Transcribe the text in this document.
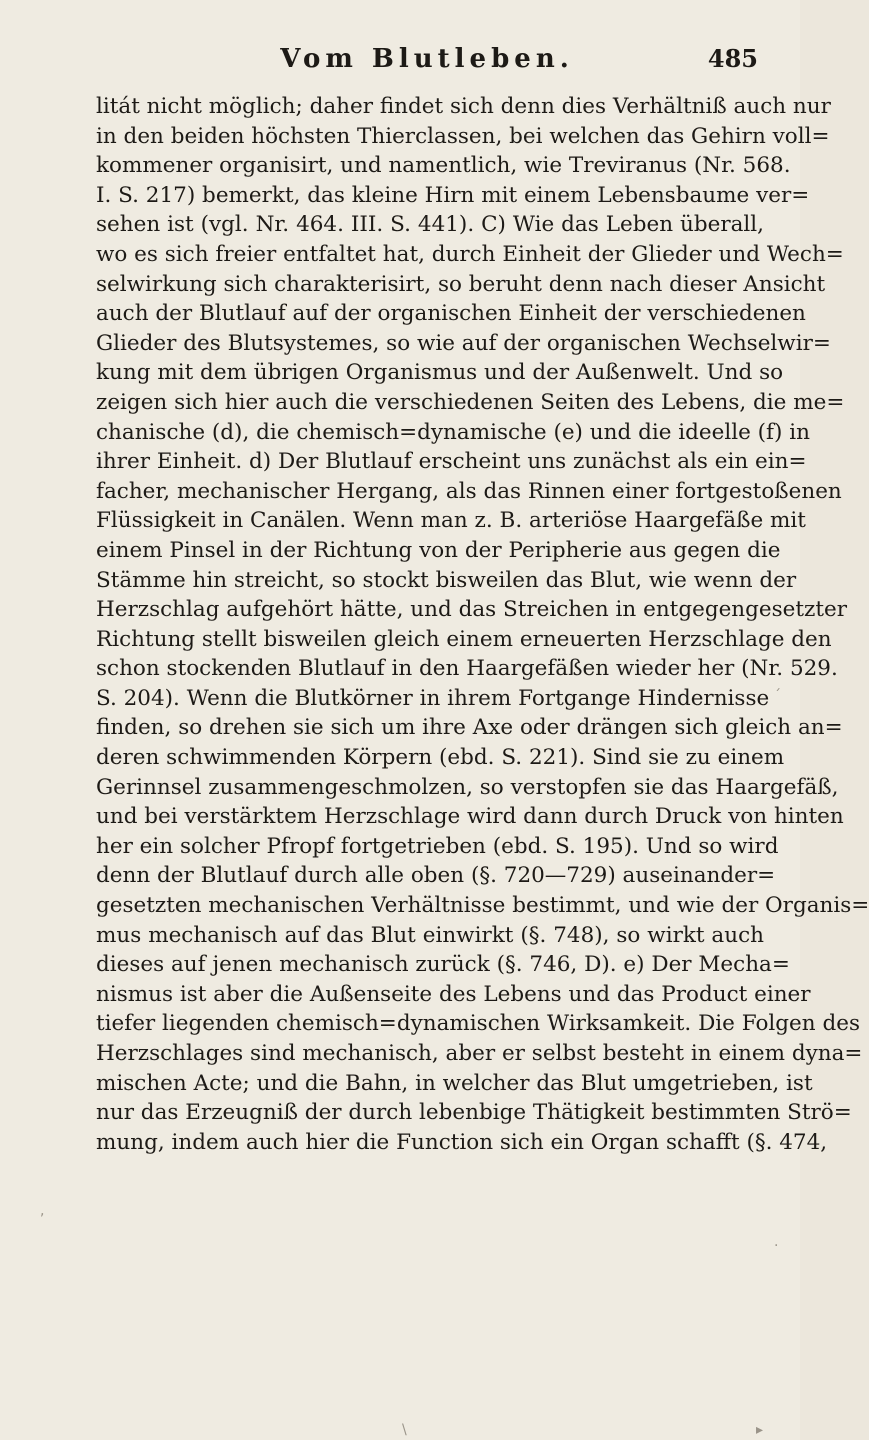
Vom Blutleben.	485
litát nicht möglich; daher findet sich denn dies Verhältniß auch nur
in den beiden höchsten Thierclassen, bei welchen das Gehirn voll=
kommener organisirt, und namentlich, wie Treviranus (Nr. 568.
I. S. 217) bemerkt, das kleine Hirn mit einem Lebensbaume ver=
sehen ist (vgl. Nr. 464. III. S. 441). C) Wie das Leben überall,
wo es sich freier entfaltet hat, durch Einheit der Glieder und Wech=
selwirkung sich charakterisirt, so beruht denn nach dieser Ansicht
auch der Blutlauf auf der organischen Einheit der verschiedenen
Glieder des Blutsystemes, so wie auf der organischen Wechselwir=
kung mit dem übrigen Organismus und der Außenwelt. Und so
zeigen sich hier auch die verschiedenen Seiten des Lebens, die me=
chanische (d), die chemisch=dynamische (e) und die ideelle (f) in
ihrer Einheit. d) Der Blutlauf erscheint uns zunächst als ein ein=
facher, mechanischer Hergang, als das Rinnen einer fortgestoßenen
Flüssigkeit in Canälen. Wenn man z. B. arteriöse Haargefäße mit
einem Pinsel in der Richtung von der Peripherie aus gegen die
Stämme hin streicht, so stockt bisweilen das Blut, wie wenn der
Herzschlag aufgehört hätte, und das Streichen in entgegengesetzter
Richtung stellt bisweilen gleich einem erneuerten Herzschlage den
schon stockenden Blutlauf in den Haargefäßen wieder her (Nr. 529.
S. 204). Wenn die Blutkörner in ihrem Fortgange Hindernisse
finden, so drehen sie sich um ihre Axe oder drängen sich gleich an=
deren schwimmenden Körpern (ebd. S. 221). Sind sie zu einem
Gerinnsel zusammengeschmolzen, so verstopfen sie das Haargefäß,
und bei verstärktem Herzschlage wird dann durch Druck von hinten
her ein solcher Pfropf fortgetrieben (ebd. S. 195). Und so wird
denn der Blutlauf durch alle oben (§. 720—729) auseinander=
gesetzten mechanischen Verhältnisse bestimmt, und wie der Organis=
mus mechanisch auf das Blut einwirkt (§. 748), so wirkt auch
dieses auf jenen mechanisch zurück (§. 746, D). e) Der Mecha=
nismus ist aber die Außenseite des Lebens und das Product einer
tiefer liegenden chemisch=dynamischen Wirksamkeit. Die Folgen des
Herzschlages sind mechanisch, aber er selbst besteht in einem dyna=
mischen Acte; und die Bahn, in welcher das Blut umgetrieben, ist
nur das Erzeugniß der durch lebenbige Thätigkeit bestimmten Strö=
mung, indem auch hier die Function sich ein Organ schafft (§. 474,
´
,
·
\	▸
